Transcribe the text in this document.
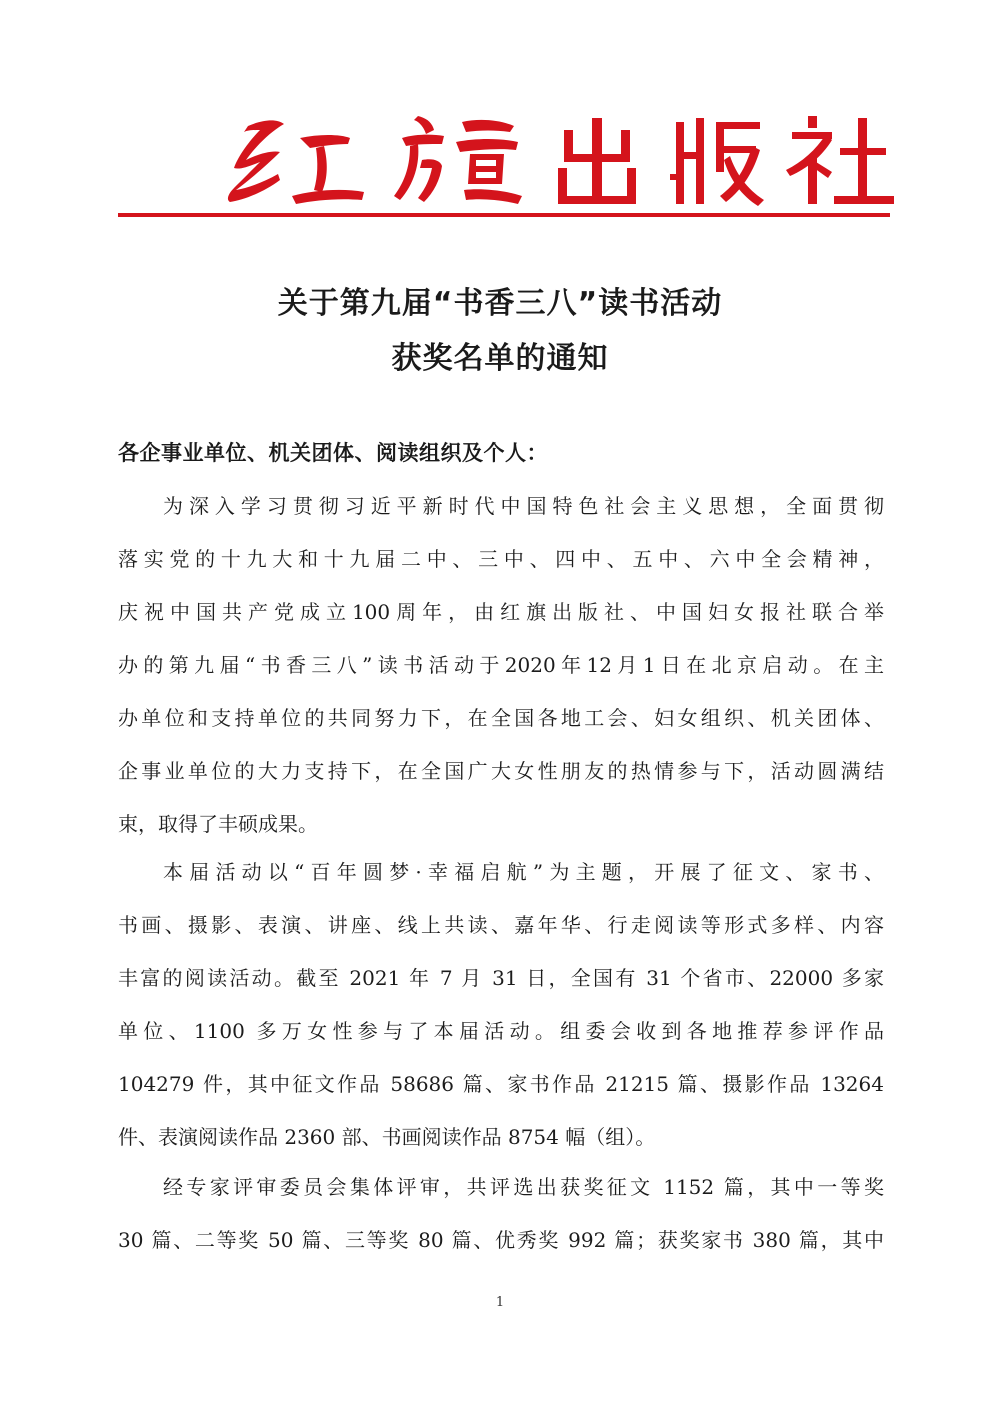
关于第九届“书香三八”读书活动
获奖名单的通知
各企事业单位、机关团体、阅读组织及个人：
为深入学习贯彻习近平新时代中国特色社会主义思想，全面贯彻
落实党的十九大和十九届二中、三中、四中、五中、六中全会精神，
庆祝中国共产党成立100周年，由红旗出版社、中国妇女报社联合举
办的第九届“书香三八”读书活动于2020年12月1日在北京启动。在主
办单位和支持单位的共同努力下，在全国各地工会、妇女组织、机关团体、
企事业单位的大力支持下，在全国广大女性朋友的热情参与下，活动圆满结
束，取得了丰硕成果。
本届活动以“百年圆梦·幸福启航”为主题，开展了征文、家书、
书画、摄影、表演、讲座、线上共读、嘉年华、行走阅读等形式多样、内容
丰富的阅读活动。截至 2021 年 7 月 31 日，全国有 31 个省市、22000 多家
单位、1100 多万女性参与了本届活动。组委会收到各地推荐参评作品
104279 件，其中征文作品 58686 篇、家书作品 21215 篇、摄影作品 13264
件、表演阅读作品 2360 部、书画阅读作品 8754 幅（组）。
经专家评审委员会集体评审，共评选出获奖征文 1152 篇，其中一等奖
30 篇、二等奖 50 篇、三等奖 80 篇、优秀奖 992 篇；获奖家书 380 篇，其中
1
